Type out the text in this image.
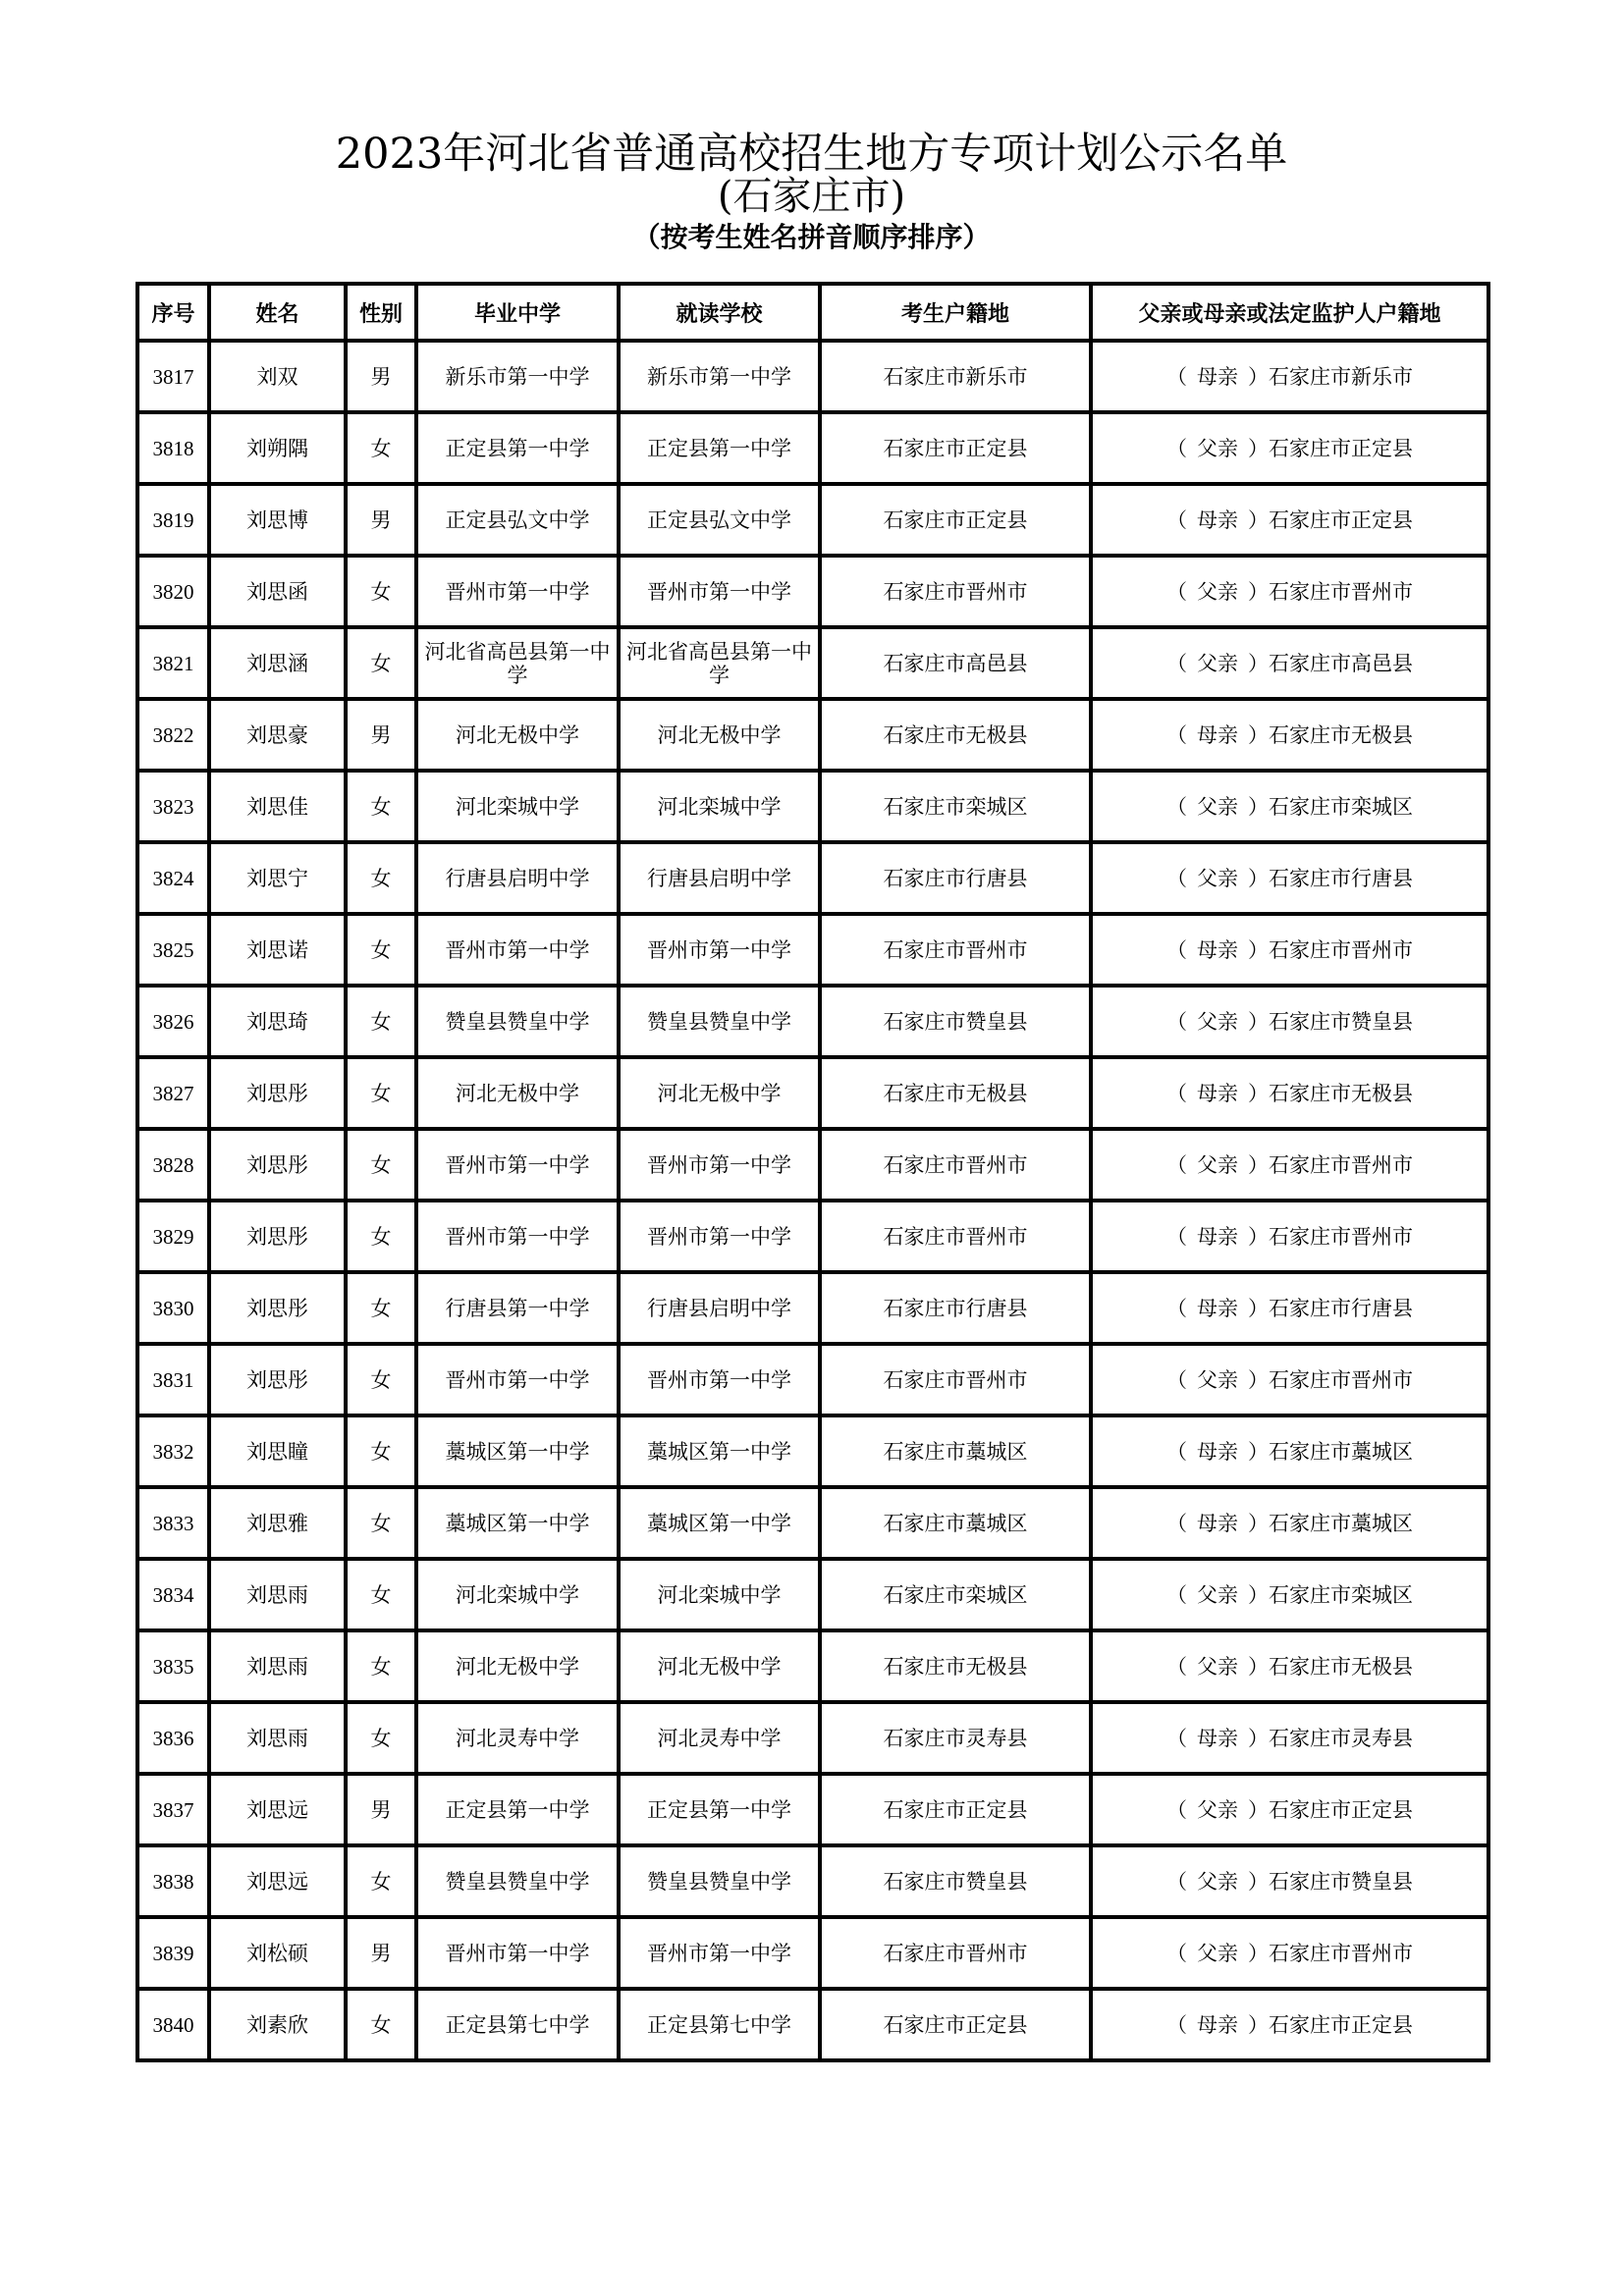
2023年河北省普通高校招生地方专项计划公示名单
(石家庄市)
（按考生姓名拼音顺序排序）
序号	姓名	性别	毕业中学	就读学校	考生户籍地	父亲或母亲或法定监护人户籍地
3817	刘双	男	新乐市第一中学	新乐市第一中学	石家庄市新乐市	（ 母亲 ）石家庄市新乐市
3818	刘朔隅	女	正定县第一中学	正定县第一中学	石家庄市正定县	（ 父亲 ）石家庄市正定县
3819	刘思博	男	正定县弘文中学	正定县弘文中学	石家庄市正定县	（ 母亲 ）石家庄市正定县
3820	刘思函	女	晋州市第一中学	晋州市第一中学	石家庄市晋州市	（ 父亲 ）石家庄市晋州市
3821	刘思涵	女	河北省高邑县第一中学	河北省高邑县第一中学	石家庄市高邑县	（ 父亲 ）石家庄市高邑县
3822	刘思豪	男	河北无极中学	河北无极中学	石家庄市无极县	（ 母亲 ）石家庄市无极县
3823	刘思佳	女	河北栾城中学	河北栾城中学	石家庄市栾城区	（ 父亲 ）石家庄市栾城区
3824	刘思宁	女	行唐县启明中学	行唐县启明中学	石家庄市行唐县	（ 父亲 ）石家庄市行唐县
3825	刘思诺	女	晋州市第一中学	晋州市第一中学	石家庄市晋州市	（ 母亲 ）石家庄市晋州市
3826	刘思琦	女	赞皇县赞皇中学	赞皇县赞皇中学	石家庄市赞皇县	（ 父亲 ）石家庄市赞皇县
3827	刘思彤	女	河北无极中学	河北无极中学	石家庄市无极县	（ 母亲 ）石家庄市无极县
3828	刘思彤	女	晋州市第一中学	晋州市第一中学	石家庄市晋州市	（ 父亲 ）石家庄市晋州市
3829	刘思彤	女	晋州市第一中学	晋州市第一中学	石家庄市晋州市	（ 母亲 ）石家庄市晋州市
3830	刘思彤	女	行唐县第一中学	行唐县启明中学	石家庄市行唐县	（ 母亲 ）石家庄市行唐县
3831	刘思彤	女	晋州市第一中学	晋州市第一中学	石家庄市晋州市	（ 父亲 ）石家庄市晋州市
3832	刘思瞳	女	藁城区第一中学	藁城区第一中学	石家庄市藁城区	（ 母亲 ）石家庄市藁城区
3833	刘思雅	女	藁城区第一中学	藁城区第一中学	石家庄市藁城区	（ 母亲 ）石家庄市藁城区
3834	刘思雨	女	河北栾城中学	河北栾城中学	石家庄市栾城区	（ 父亲 ）石家庄市栾城区
3835	刘思雨	女	河北无极中学	河北无极中学	石家庄市无极县	（ 父亲 ）石家庄市无极县
3836	刘思雨	女	河北灵寿中学	河北灵寿中学	石家庄市灵寿县	（ 母亲 ）石家庄市灵寿县
3837	刘思远	男	正定县第一中学	正定县第一中学	石家庄市正定县	（ 父亲 ）石家庄市正定县
3838	刘思远	女	赞皇县赞皇中学	赞皇县赞皇中学	石家庄市赞皇县	（ 父亲 ）石家庄市赞皇县
3839	刘松硕	男	晋州市第一中学	晋州市第一中学	石家庄市晋州市	（ 父亲 ）石家庄市晋州市
3840	刘素欣	女	正定县第七中学	正定县第七中学	石家庄市正定县	（ 母亲 ）石家庄市正定县
